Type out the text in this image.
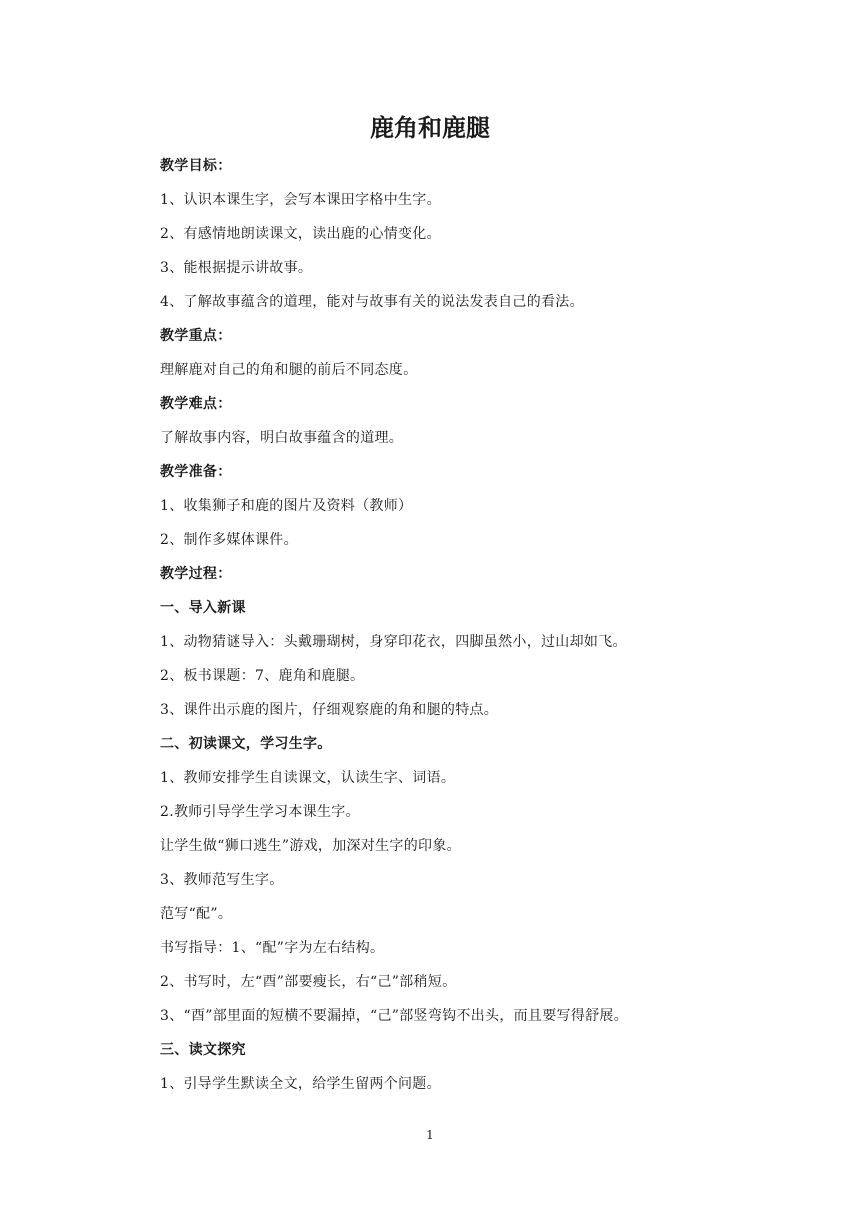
鹿角和鹿腿
教学目标：
1、认识本课生字，会写本课田字格中生字。
2、有感情地朗读课文，读出鹿的心情变化。
3、能根据提示讲故事。
4、了解故事蕴含的道理，能对与故事有关的说法发表自己的看法。
教学重点：
理解鹿对自己的角和腿的前后不同态度。
教学难点：
了解故事内容，明白故事蕴含的道理。
教学准备：
1、收集狮子和鹿的图片及资料（教师）
2、制作多媒体课件。
教学过程：
一、导入新课
1、动物猜谜导入：头戴珊瑚树，身穿印花衣，四脚虽然小，过山却如飞。
2、板书课题：7、鹿角和鹿腿。
3、课件出示鹿的图片，仔细观察鹿的角和腿的特点。
二、初读课文，学习生字。
1、教师安排学生自读课文，认读生字、词语。
2.教师引导学生学习本课生字。
让学生做“狮口逃生”游戏，加深对生字的印象。
3、教师范写生字。
范写“配”。
书写指导：1、“配”字为左右结构。
2、书写时，左“酉”部要瘦长，右“己”部稍短。
3、“酉”部里面的短横不要漏掉，“己”部竖弯钩不出头，而且要写得舒展。
三、读文探究
1、引导学生默读全文，给学生留两个问题。
1
